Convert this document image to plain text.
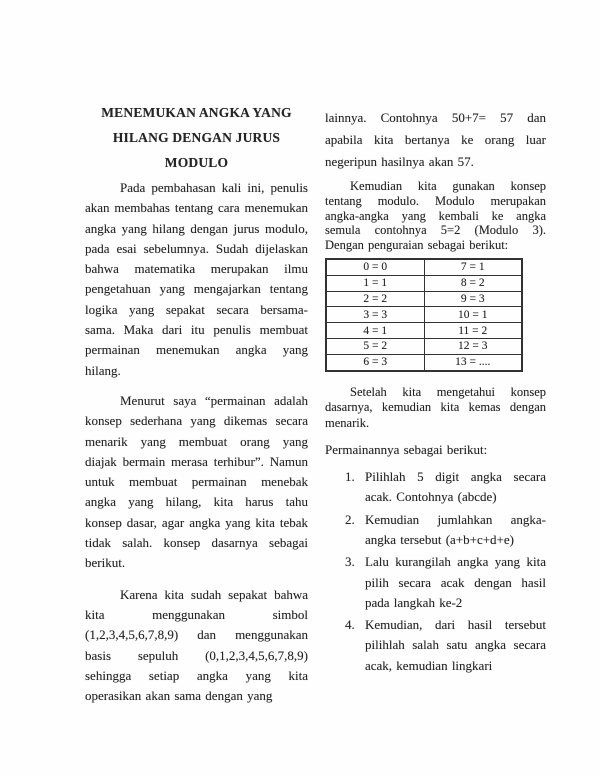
MENEMUKAN ANGKA YANG
HILANG DENGAN JURUS
MODULO

Pada pembahasan kali ini, penulis akan membahas tentang cara menemukan angka yang hilang dengan jurus modulo, pada esai sebelumnya. Sudah dijelaskan bahwa matematika merupakan ilmu pengetahuan yang mengajarkan tentang logika yang sepakat secara bersama-sama. Maka dari itu penulis membuat permainan menemukan angka yang hilang.

Menurut saya “permainan adalah konsep sederhana yang dikemas secara menarik yang membuat orang yang diajak bermain merasa terhibur”. Namun untuk membuat permainan menebak angka yang hilang, kita harus tahu konsep dasar, agar angka yang kita tebak tidak salah. konsep dasarnya sebagai berikut.

Karena kita sudah sepakat bahwa kita menggunakan simbol (1,2,3,4,5,6,7,8,9) dan menggunakan basis sepuluh (0,1,2,3,4,5,6,7,8,9) sehingga setiap angka yang kita operasikan akan sama dengan yang

lainnya. Contohnya 50+7= 57 dan apabila kita bertanya ke orang luar negeripun hasilnya akan 57.

Kemudian kita gunakan konsep tentang modulo. Modulo merupakan angka-angka yang kembali ke angka semula contohnya 5=2 (Modulo 3). Dengan penguraian sebagai berikut:

0 = 0	7 = 1
1 = 1	8 = 2
2 = 2	9 = 3
3 = 3	10 = 1
4 = 1	11 = 2
5 = 2	12 = 3
6 = 3	13 = ....

Setelah kita mengetahui konsep dasarnya, kemudian kita kemas dengan menarik.

Permainannya sebagai berikut:

1. Pilihlah 5 digit angka secara acak. Contohnya (abcde)
2. Kemudian jumlahkan angka-angka tersebut (a+b+c+d+e)
3. Lalu kurangilah angka yang kita pilih secara acak dengan hasil pada langkah ke-2
4. Kemudian, dari hasil tersebut pilihlah salah satu angka secara acak, kemudian lingkari
